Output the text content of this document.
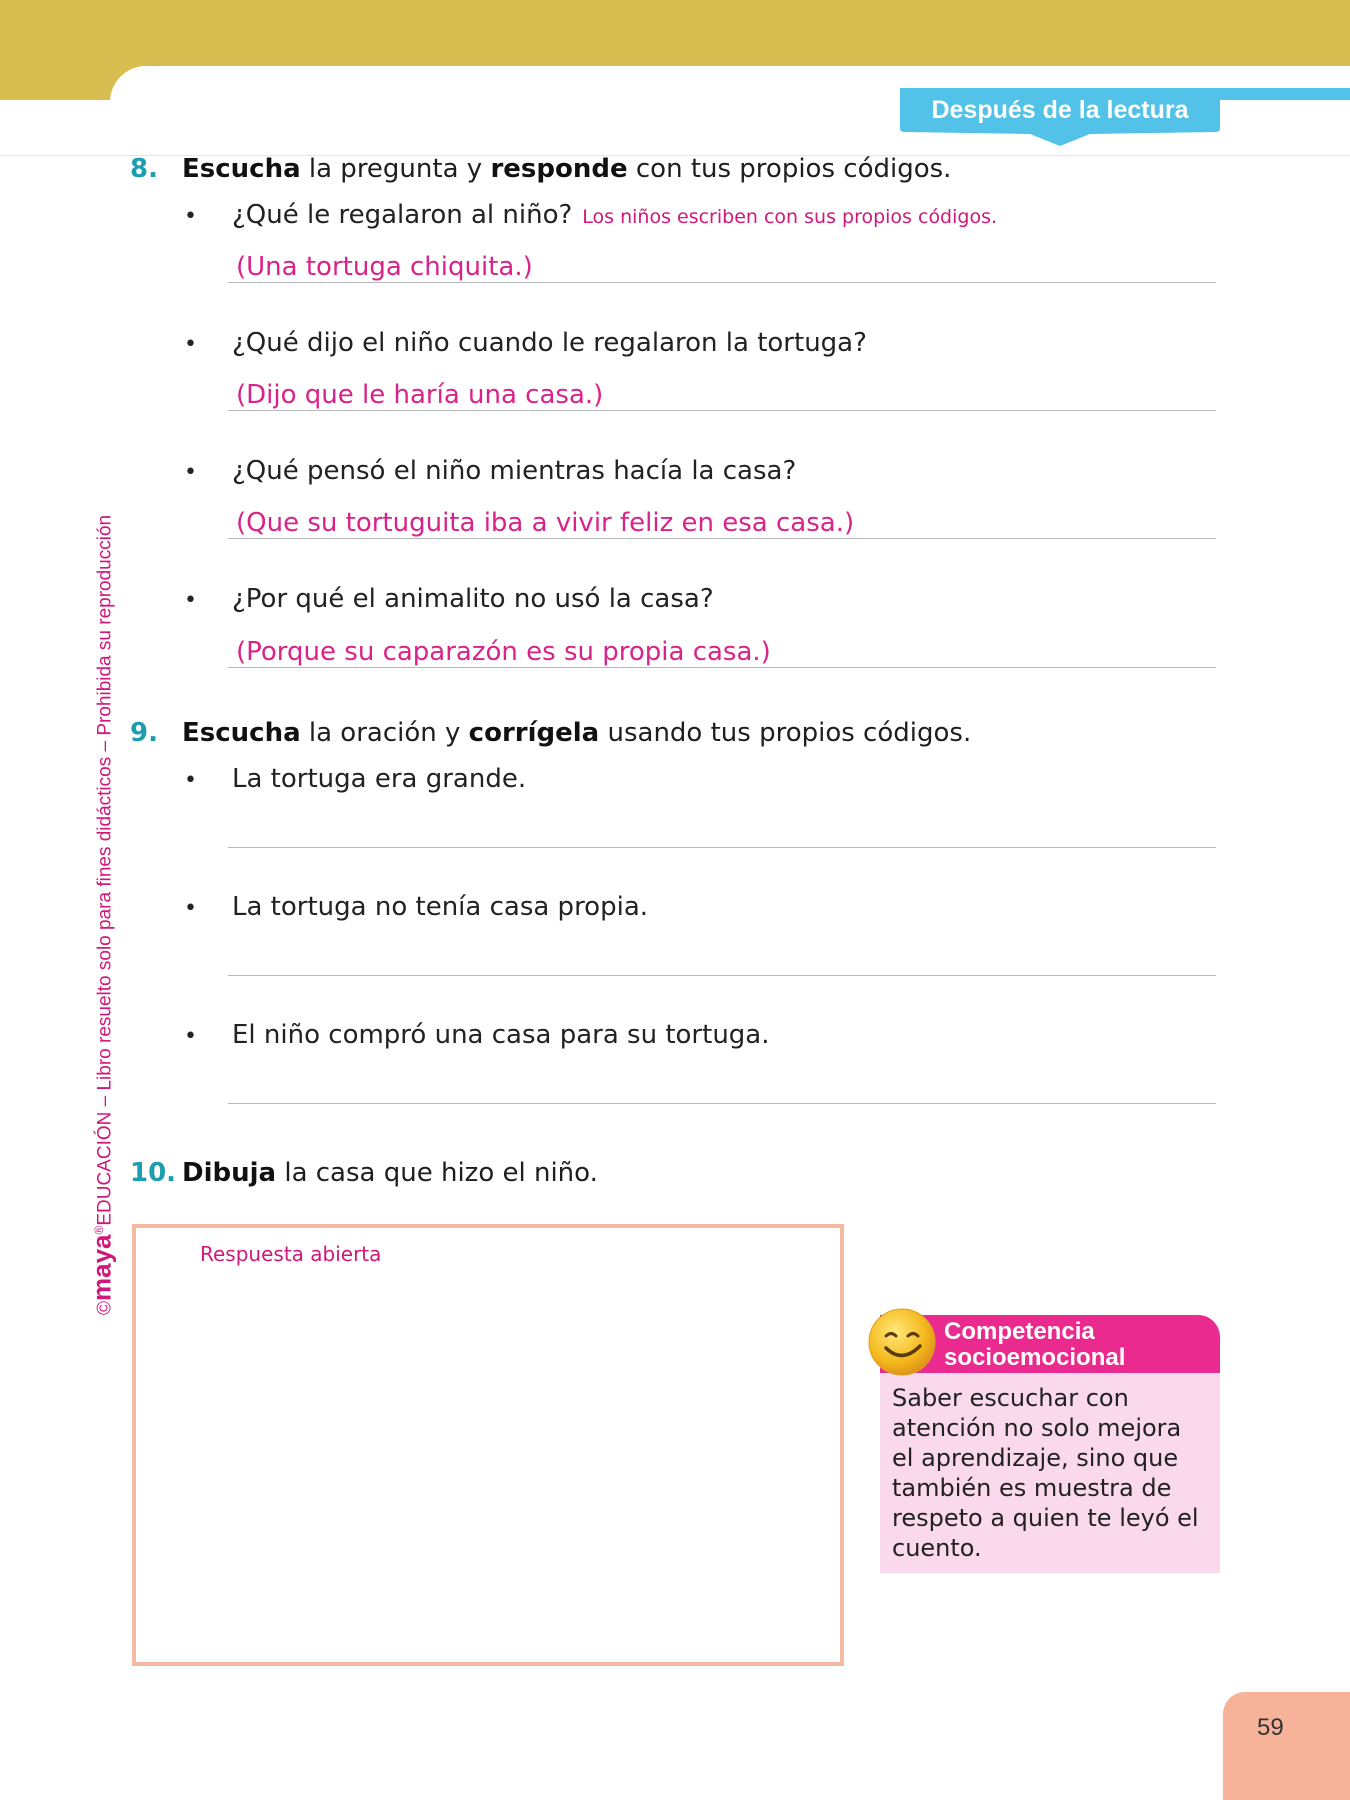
Después de la lectura
©maya®EDUCACIÓN – Libro resuelto solo para fines didácticos – Prohibida su reproducción
8. Escucha la pregunta y responde con tus propios códigos.
• ¿Qué le regalaron al niño? Los niños escriben con sus propios códigos.
(Una tortuga chiquita.)
• ¿Qué dijo el niño cuando le regalaron la tortuga?
(Dijo que le haría una casa.)
• ¿Qué pensó el niño mientras hacía la casa?
(Que su tortuguita iba a vivir feliz en esa casa.)
• ¿Por qué el animalito no usó la casa?
(Porque su caparazón es su propia casa.)
9. Escucha la oración y corrígela usando tus propios códigos.
• La tortuga era grande.
• La tortuga no tenía casa propia.
• El niño compró una casa para su tortuga.
10. Dibuja la casa que hizo el niño.
Respuesta abierta
Competencia
socioemocional
Saber escuchar con atención no solo mejora el aprendizaje, sino que también es muestra de respeto a quien te leyó el cuento.
59
